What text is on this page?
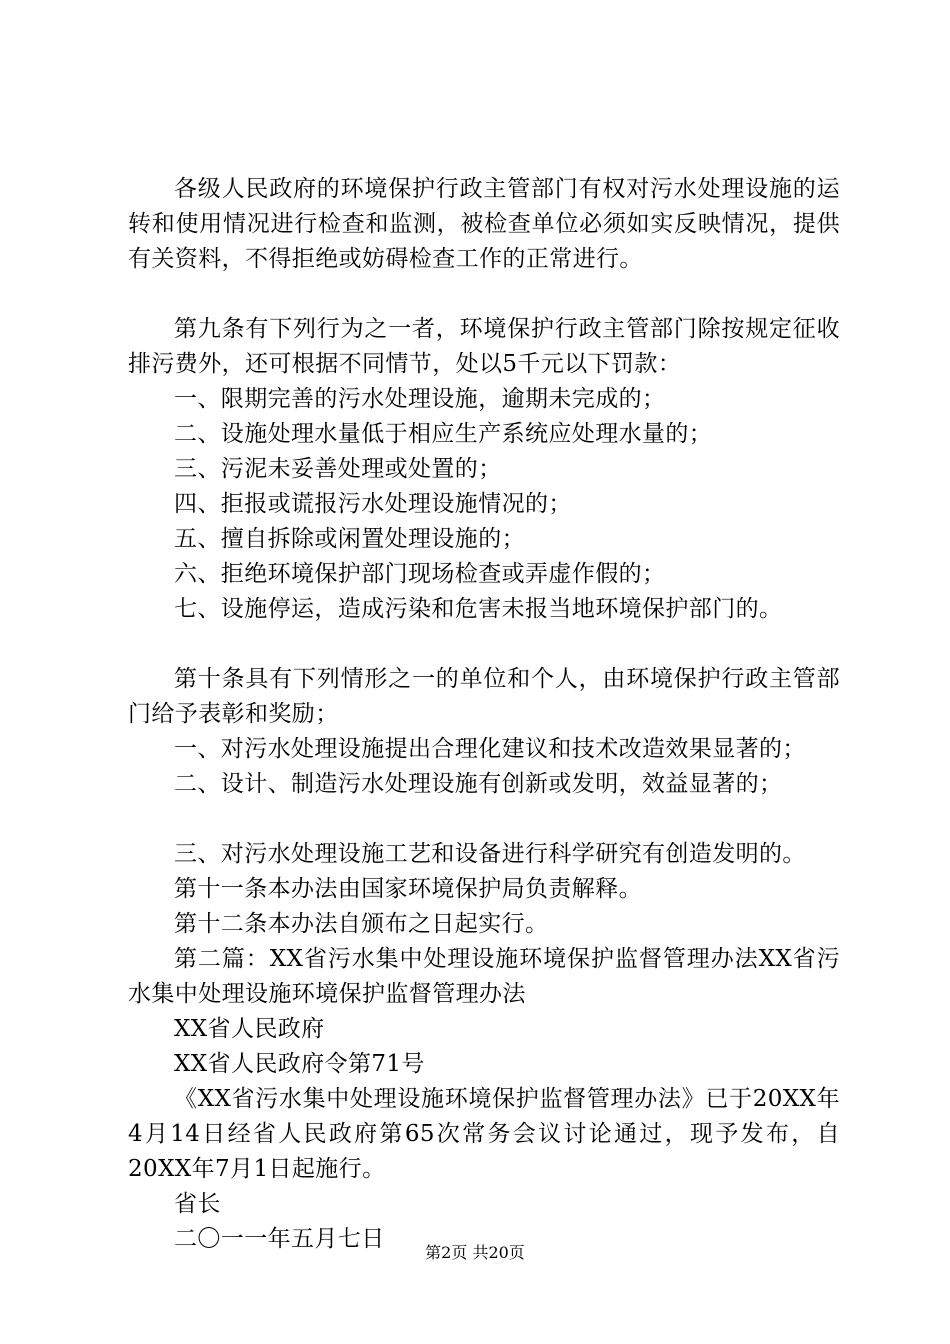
各级人民政府的环境保护行政主管部门有权对污水处理设施的运转和使用情况进行检查和监测，被检查单位必须如实反映情况，提供有关资料，不得拒绝或妨碍检查工作的正常进行。

第九条有下列行为之一者，环境保护行政主管部门除按规定征收排污费外，还可根据不同情节，处以5千元以下罚款：

一、限期完善的污水处理设施，逾期未完成的；

二、设施处理水量低于相应生产系统应处理水量的；

三、污泥未妥善处理或处置的；

四、拒报或谎报污水处理设施情况的；

五、擅自拆除或闲置处理设施的；

六、拒绝环境保护部门现场检查或弄虚作假的；

七、设施停运，造成污染和危害未报当地环境保护部门的。

第十条具有下列情形之一的单位和个人，由环境保护行政主管部门给予表彰和奖励；

一、对污水处理设施提出合理化建议和技术改造效果显著的；

二、设计、制造污水处理设施有创新或发明，效益显著的；

三、对污水处理设施工艺和设备进行科学研究有创造发明的。

第十一条本办法由国家环境保护局负责解释。

第十二条本办法自颁布之日起实行。

第二篇：XX省污水集中处理设施环境保护监督管理办法XX省污水集中处理设施环境保护监督管理办法

XX省人民政府

XX省人民政府令第71号

《XX省污水集中处理设施环境保护监督管理办法》已于20XX年4月14日经省人民政府第65次常务会议讨论通过，现予发布，自20XX年7月1日起施行。

省长

二〇一一年五月七日

第2页 共20页
